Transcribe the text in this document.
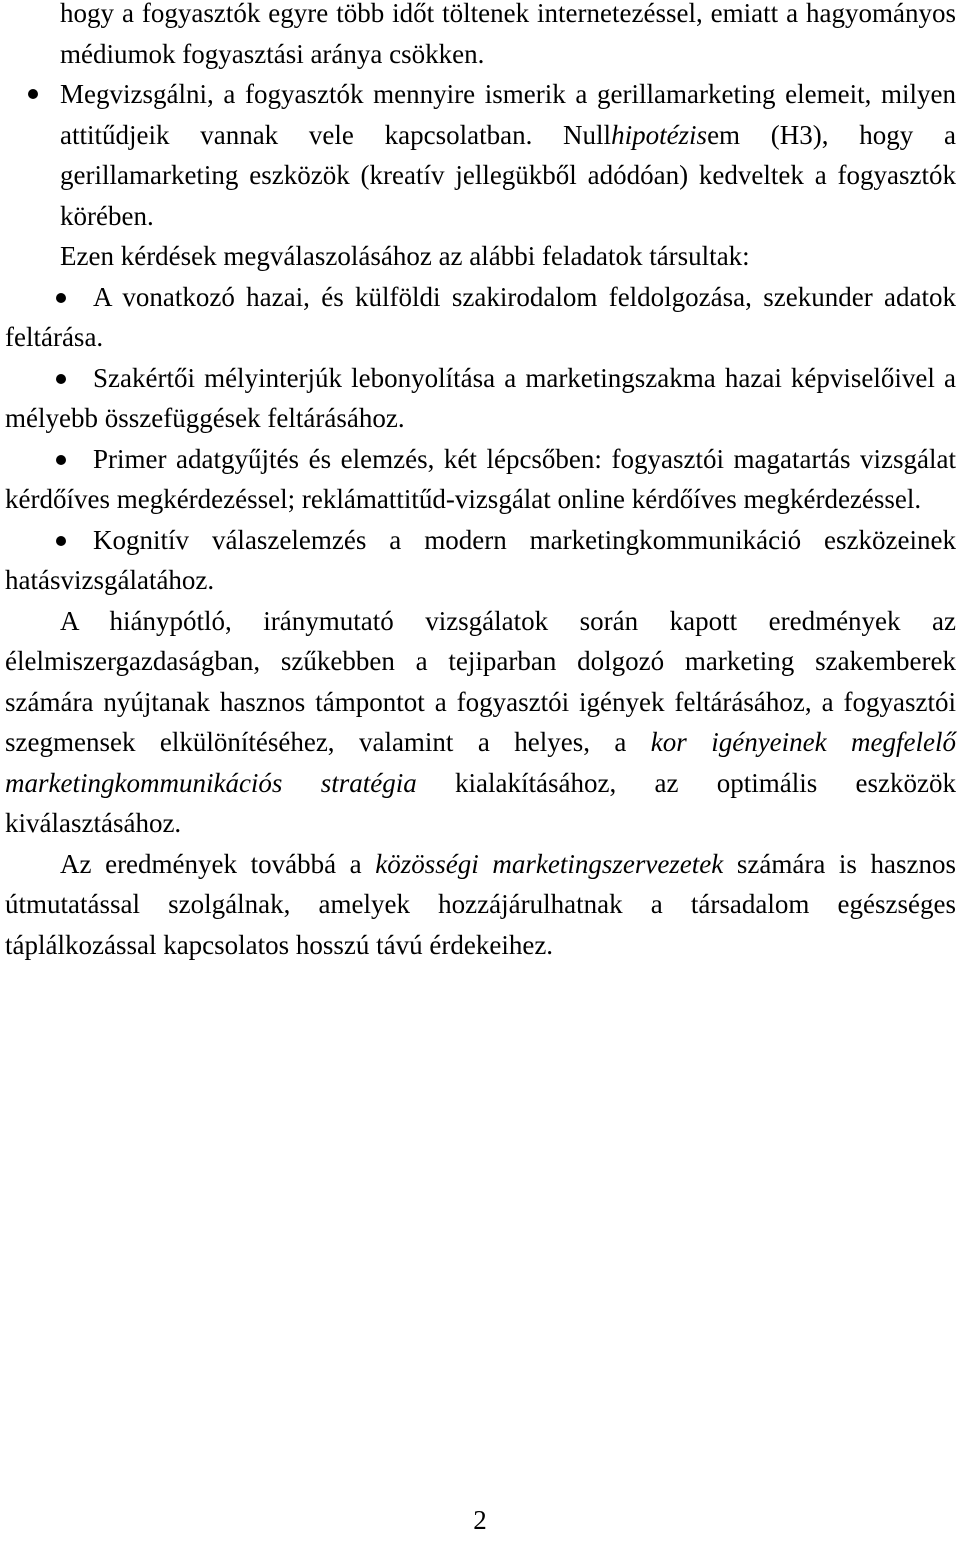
hogy a fogyasztók egyre több időt töltenek internetezéssel, emiatt a hagyományos médiumok fogyasztási aránya csökken.

Megvizsgálni, a fogyasztók mennyire ismerik a gerillamarketing elemeit, milyen attitűdjeik vannak vele kapcsolatban. Nullhipotézisem (H3), hogy a gerillamarketing eszközök (kreatív jellegükből adódóan) kedveltek a fogyasztók körében.

Ezen kérdések megválaszolásához az alábbi feladatok társultak:

A vonatkozó hazai, és külföldi szakirodalom feldolgozása, szekunder adatok feltárása.
Szakértői mélyinterjúk lebonyolítása a marketingszakma hazai képviselőivel a mélyebb összefüggések feltárásához.
Primer adatgyűjtés és elemzés, két lépcsőben: fogyasztói magatartás vizsgálat kérdőíves megkérdezéssel; reklámattitűd-vizsgálat online kérdőíves megkérdezéssel.
Kognitív válaszelemzés a modern marketingkommunikáció eszközeinek hatásvizsgálatához.

A hiánypótló, iránymutató vizsgálatok során kapott eredmények az élelmiszergazdaságban, szűkebben a tejiparban dolgozó marketing szakemberek számára nyújtanak hasznos támpontot a fogyasztói igények feltárásához, a fogyasztói szegmensek elkülönítéséhez, valamint a helyes, a kor igényeinek megfelelő marketingkommunikációs stratégia kialakításához, az optimális eszközök kiválasztásához.

Az eredmények továbbá a közösségi marketingszervezetek számára is hasznos útmutatással szolgálnak, amelyek hozzájárulhatnak a társadalom egészséges táplálkozással kapcsolatos hosszú távú érdekeihez.

2
